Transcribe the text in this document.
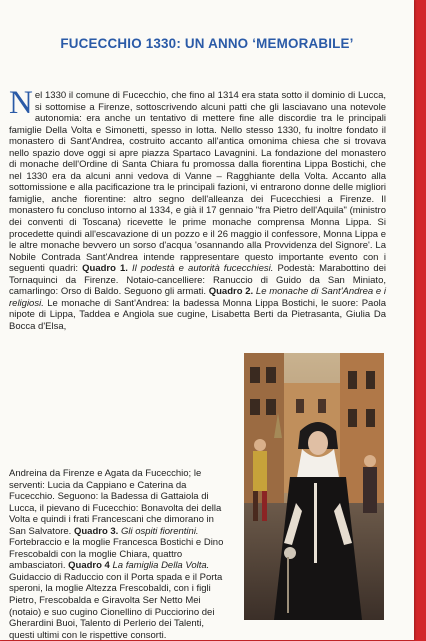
FUCECCHIO 1330: UN ANNO ‘MEMORABILE’

Nel 1330 il comune di Fucecchio, che fino al 1314 era stata sotto il dominio di Lucca, si sottomise a Firenze, sottoscrivendo alcuni patti che gli lasciavano una notevole autonomia: era anche un tentativo di mettere fine alle discordie tra le principali famiglie Della Volta e Simonetti, spesso in lotta. Nello stesso 1330, fu inoltre fondato il monastero di Sant'Andrea, costruito accanto all'antica omonima chiesa che si trovava nello spazio dove oggi si apre piazza Spartaco Lavagnini. La fondazione del monastero di monache dell'Ordine di Santa Chiara fu promossa dalla fiorentina Lippa Bostichi, che nel 1330 era da alcuni anni vedova di Vanne – Ragghiante della Volta. Accanto alla sottomissione e alla pacificazione tra le principali fazioni, vi entrarono donne delle migliori famiglie, anche fiorentine: altro segno dell'alleanza dei Fucecchiesi a Firenze. Il monastero fu concluso intorno al 1334, e già il 17 gennaio "fra Pietro dell'Aquila" (ministro dei conventi di Toscana) ricevette le prime monache comprensa Monna Lippa. Si procedette quindi all'escavazione di un pozzo e il 26 maggio il confessore, Monna Lippa e le altre monache bevvero un sorso d'acqua 'osannando alla Provvidenza del Signore'. La Nobile Contrada Sant'Andrea intende rappresentare questo importante evento con i seguenti quadri: Quadro 1. Il podestà e autorità fucecchiesi. Podestà: Marabottino dei Tornaquinci da Firenze. Notaio-cancelliere: Ranuccio di Guido da San Miniato, camarlingo: Orso di Baldo. Seguono gli armati. Quadro 2. Le monache di Sant'Andrea e i religiosi. Le monache di Sant'Andrea: la badessa Monna Lippa Bostichi, le suore: Paola nipote di Lippa, Taddea e Angiola sue cugine, Lisabetta Berti da Pietrasanta, Giulia Da Bocca d'Elsa,

Andreina da Firenze e Agata da Fucecchio; le serventi: Lucia da Cappiano e Caterina da Fucecchio. Seguono: la Badessa di Gattaiola di Lucca, il pievano di Fucecchio: Bonavolta dei della Volta e quindi i frati Francescani che dimorano in San Salvatore. Quadro 3. Gli ospiti fiorentini. Fortebraccio e la moglie Francesca Bostichi e Dino Frescobaldi con la moglie Chiara, quattro ambasciatori. Quadro 4 La famiglia Della Volta. Guidaccio di Raduccio con il Porta spada e il Porta speroni, la moglie Altezza Frescobaldi, con i figli Pietro, Frescobalda e Giravolta Ser Netto Mei (notaio) e suo cugino Cionellino di Pucciorino dei Gherardini Buoi, Talento di Perlerio dei Talenti, questi ultimi con le rispettive consorti.
